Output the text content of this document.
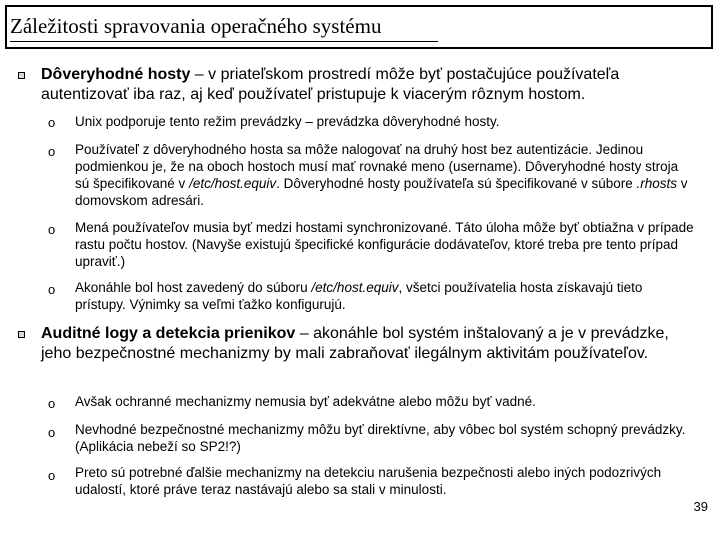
Záležitosti spravovania operačného systému
Dôveryhodné hosty – v priateľskom prostredí môže byť postačujúce používateľa autentizovať iba raz, aj keď používateľ pristupuje k viacerým rôznym hostom.
o Unix podporuje tento režim prevádzky – prevádzka dôveryhodné hosty.
o Používateľ z dôveryhodného hosta sa môže nalogovať na druhý host bez autentizácie. Jedinou podmienkou je, že na oboch hostoch musí mať rovnaké meno (username). Dôveryhodné hosty stroja sú špecifikované v /etc/host.equiv. Dôveryhodné hosty používateľa sú špecifikované v súbore .rhosts v domovskom adresári.
o Mená používateľov musia byť medzi hostami synchronizované. Táto úloha môže byť obtiažna v prípade rastu počtu hostov. (Navyše existujú špecifické konfigurácie dodávateľov, ktoré treba pre tento prípad upraviť.)
o Akonáhle bol host zavedený do súboru /etc/host.equiv, všetci používatelia hosta získavajú tieto prístupy. Výnimky sa veľmi ťažko konfigurujú.
Auditné logy a detekcia prienikov – akonáhle bol systém inštalovaný a je v prevádzke, jeho bezpečnostné mechanizmy by mali zabraňovať ilegálnym aktivitám používateľov.
o Avšak ochranné mechanizmy nemusia byť adekvátne alebo môžu byť vadné.
o Nevhodné bezpečnostné mechanizmy môžu byť direktívne, aby vôbec bol systém schopný prevádzky. (Aplikácia nebeží so SP2!?)
o Preto sú potrebné ďalšie mechanizmy na detekciu narušenia bezpečnosti alebo iných podozrivých udalostí, ktoré práve teraz nastávajú alebo sa stali v minulosti.
39
